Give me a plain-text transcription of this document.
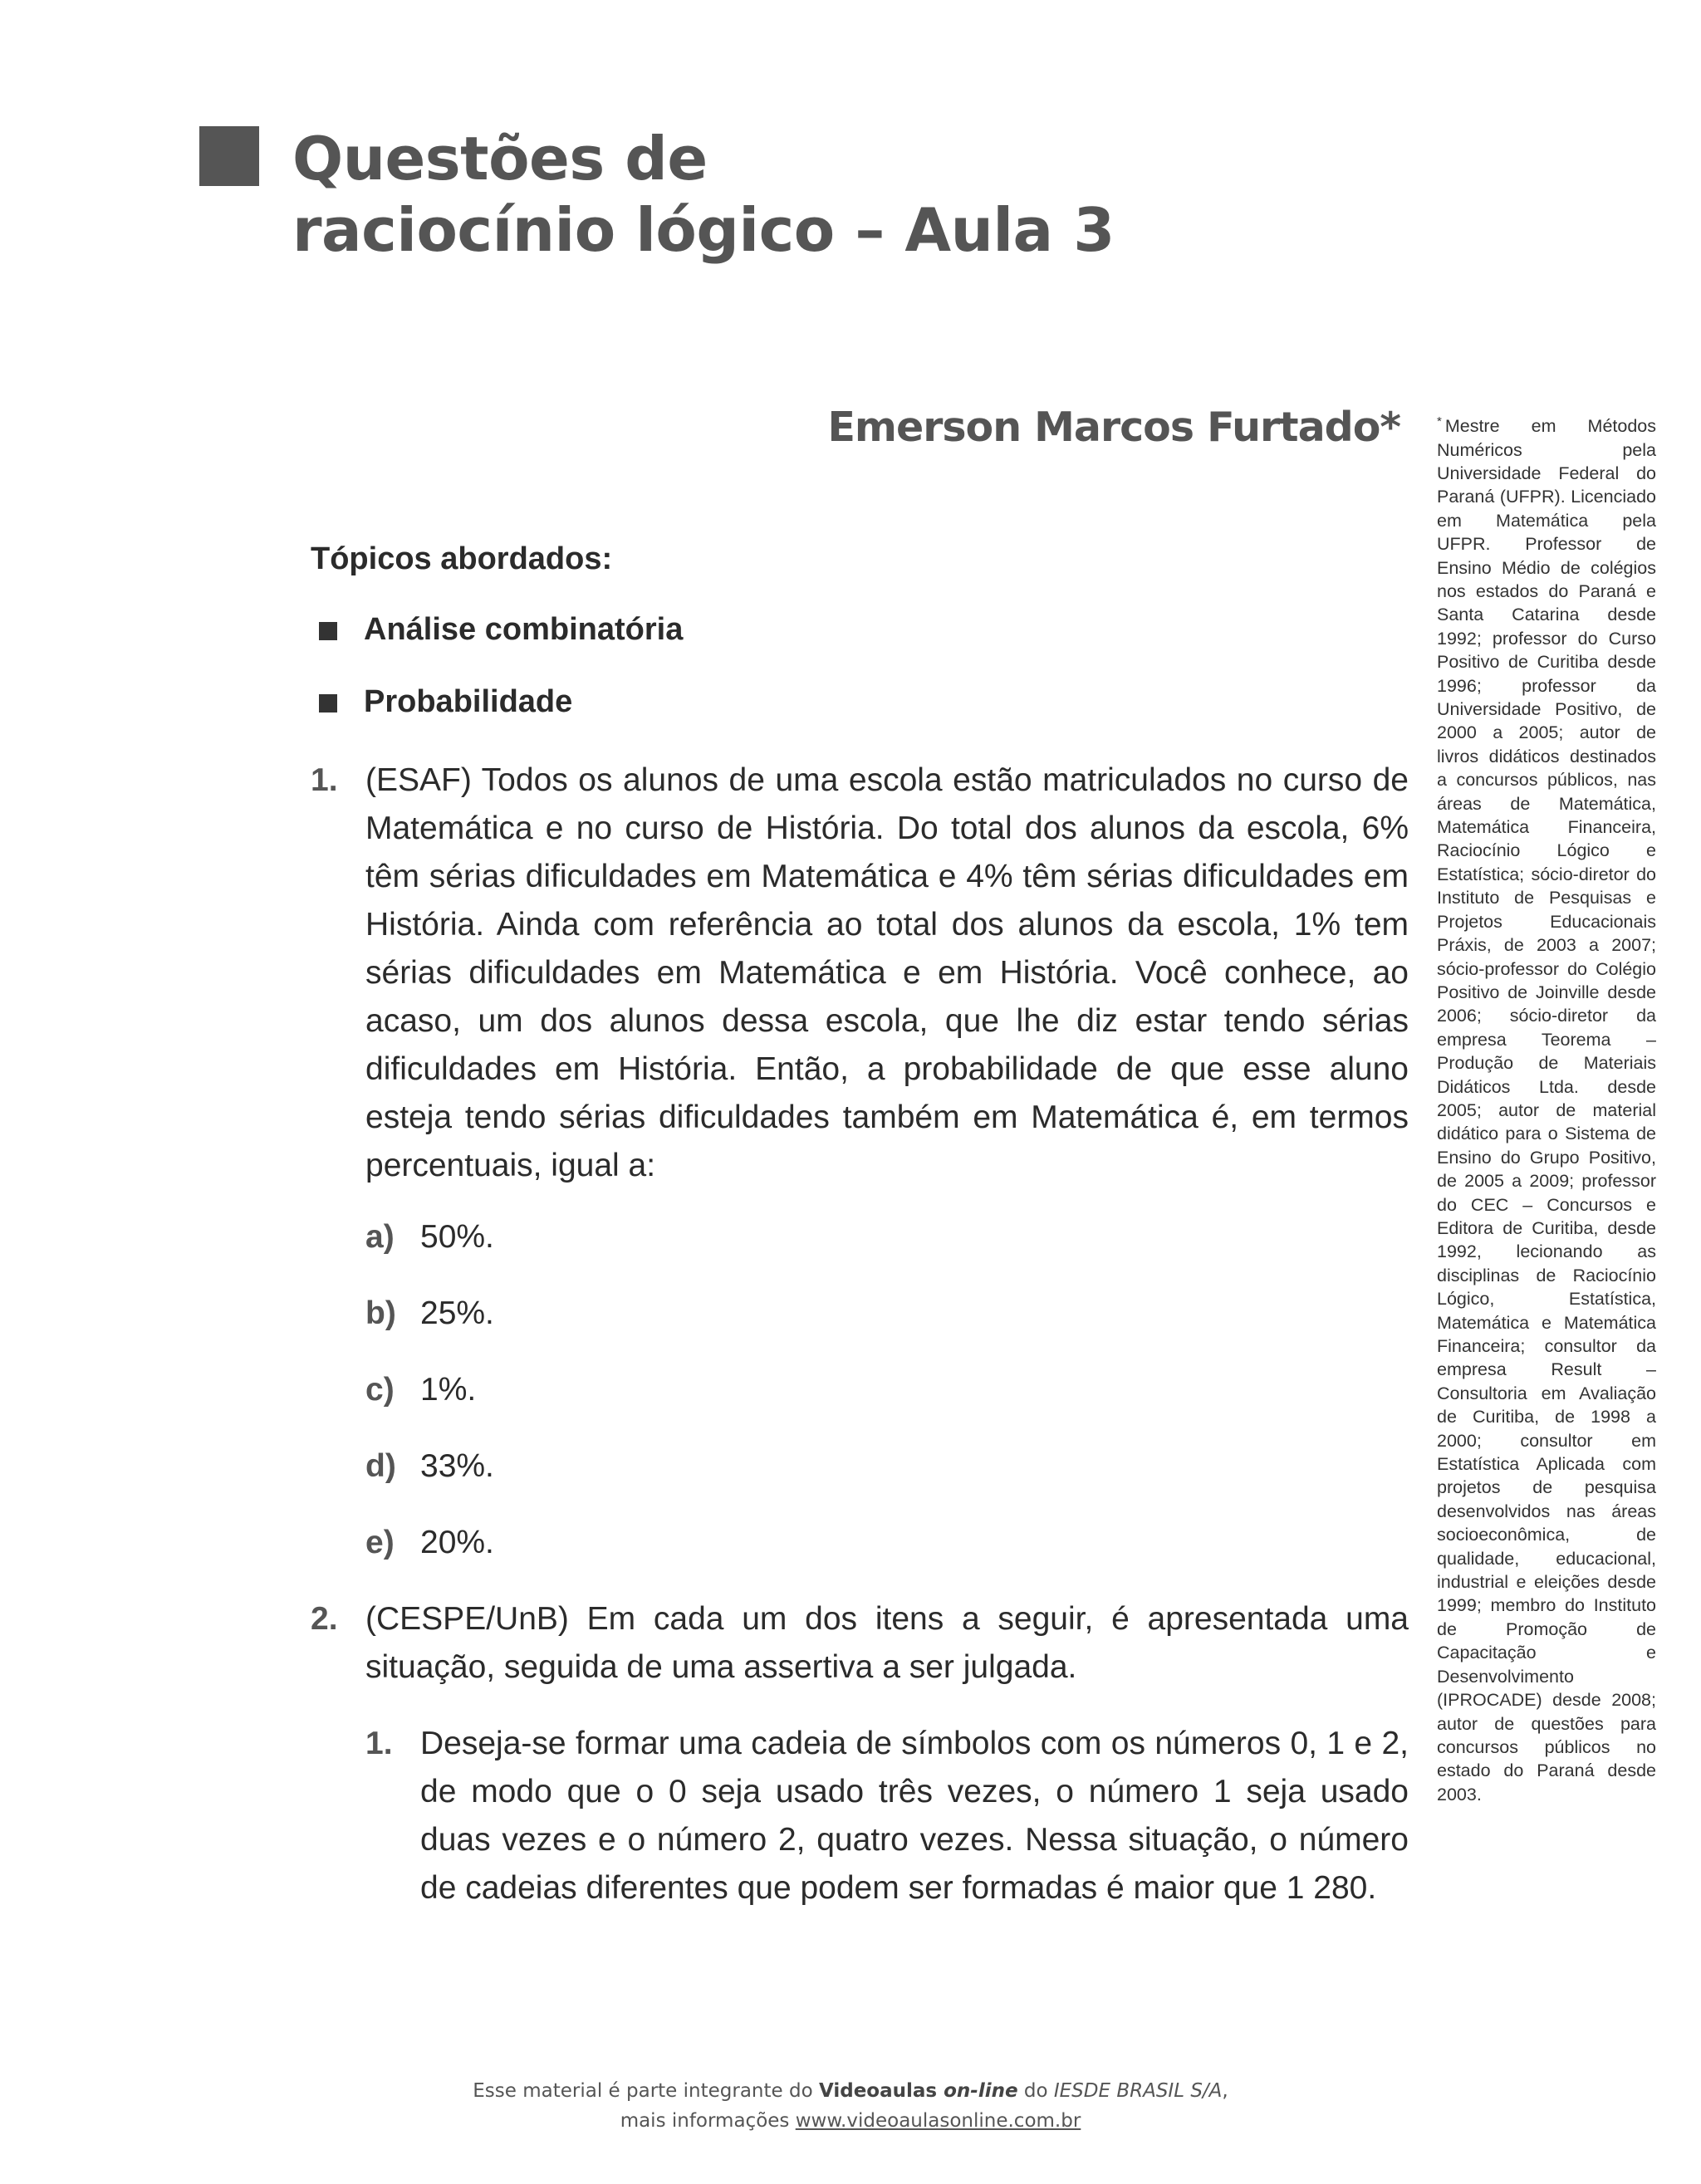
Questões de
raciocínio lógico – Aula 3

Emerson Marcos Furtado*	* Mestre em Métodos Numéricos pela Universidade Federal do Paraná (UFPR). Licenciado em Matemática pela UFPR. Professor de Ensino Médio de colégios nos estados do Paraná e Santa Catarina desde 1992; professor do Curso Positivo de Curitiba desde 1996; professor da Universidade Positivo, de 2000 a 2005; autor de livros didáticos destinados a concursos públicos, nas áreas de Matemática, Matemática Financeira, Raciocínio Lógico e Estatística; sócio-diretor do Instituto de Pesquisas e Projetos Educacionais Práxis, de 2003 a 2007; sócio-professor do Colégio Positivo de Joinville desde 2006; sócio-diretor da empresa Teorema – Produção de Materiais Didáticos Ltda. desde 2005; autor de material didático para o Sistema de Ensino do Grupo Positivo, de 2005 a 2009; professor do CEC – Concursos e Editora de Curitiba, desde 1992, lecionando as disciplinas de Raciocínio Lógico, Estatística, Matemática e Matemática Financeira; consultor da empresa Result – Consultoria em Avaliação de Curitiba, de 1998 a 2000; consultor em Estatística Aplicada com projetos de pesquisa desenvolvidos nas áreas socioeconômica, de qualidade, educacional, industrial e eleições desde 1999; membro do Instituto de Promoção de Capacitação e Desenvolvimento (IPROCADE) desde 2008; autor de questões para concursos públicos no estado do Paraná desde 2003.

Tópicos abordados:

Análise combinatória

Probabilidade

1. (ESAF) Todos os alunos de uma escola estão matriculados no curso de Matemática e no curso de História. Do total dos alunos da escola, 6% têm sérias dificuldades em Matemática e 4% têm sérias dificuldades em História. Ainda com referência ao total dos alunos da escola, 1% tem sérias dificuldades em Matemática e em História. Você conhece, ao acaso, um dos alunos dessa escola, que lhe diz estar tendo sérias dificuldades em História. Então, a probabilidade de que esse aluno esteja tendo sérias dificuldades também em Matemática é, em termos percentuais, igual a:
a) 50%.
b) 25%.
c) 1%.
d) 33%.
e) 20%.
2. (CESPE/UnB) Em cada um dos itens a seguir, é apresentada uma situação, seguida de uma assertiva a ser julgada.
1. Deseja-se formar uma cadeia de símbolos com os números 0, 1 e 2, de modo que o 0 seja usado três vezes, o número 1 seja usado duas vezes e o número 2, quatro vezes. Nessa situação, o número de cadeias diferentes que podem ser formadas é maior que 1 280.
Esse material é parte integrante do Videoaulas on-line do IESDE BRASIL S/A,
mais informações www.videoaulasonline.com.br
